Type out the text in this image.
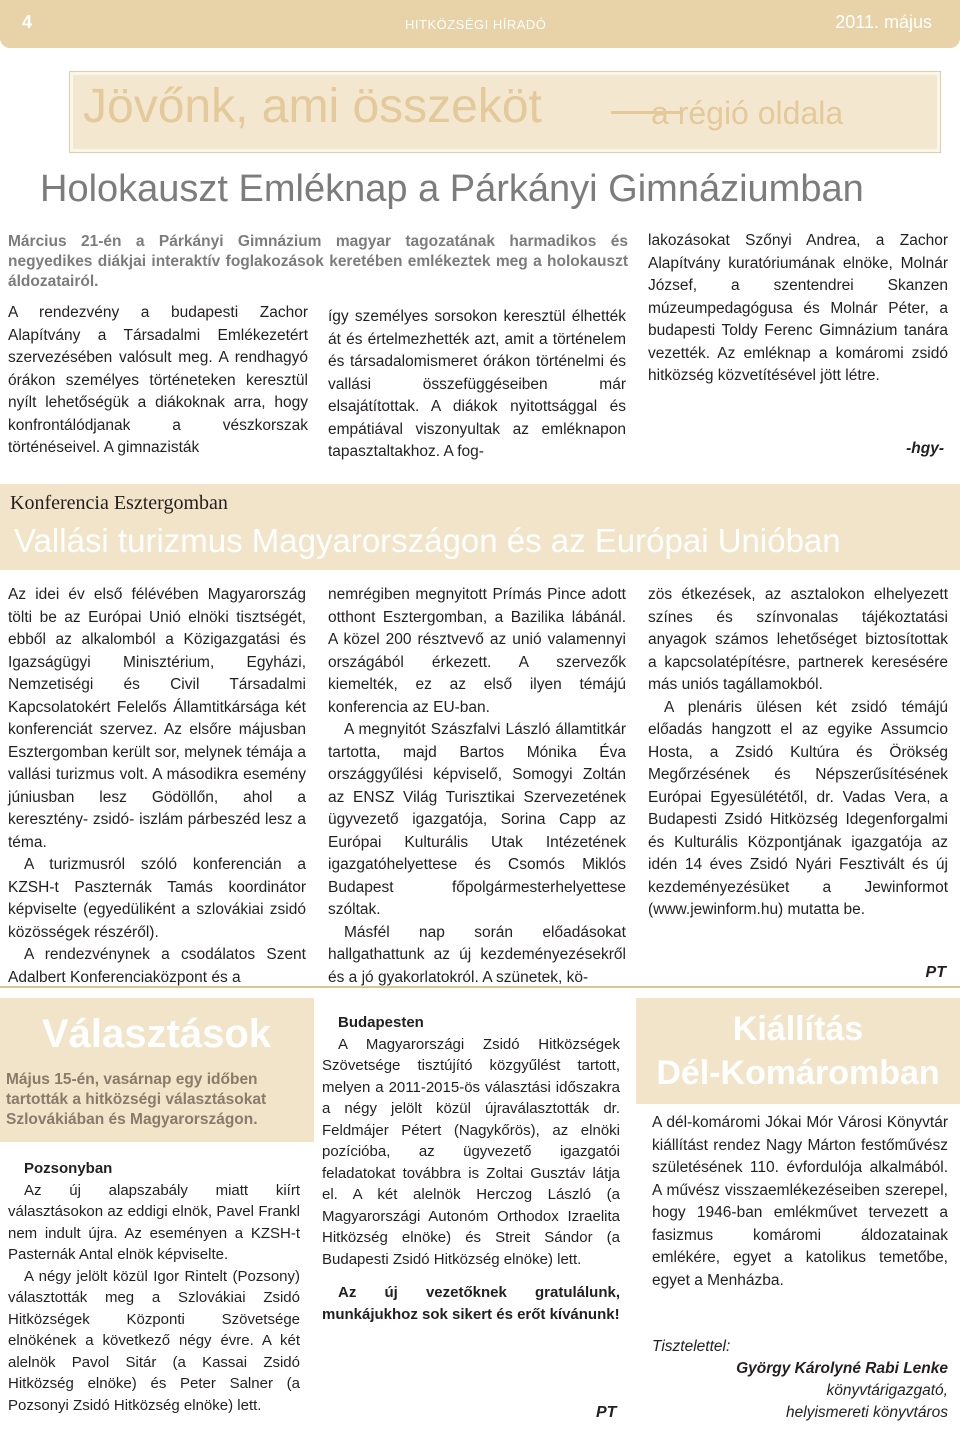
4	HITKÖZSÉGI HÍRADÓ	2011. május
Jövőnk, ami összeköt	a régió oldala
Holokauszt Emléknap a Párkányi Gimnáziumban
Március 21-én a Párkányi Gimnázium magyar tagozatának harmadikos és negyedikes diákjai interaktív foglakozások keretében emlékeztek meg a holokauszt áldozatairól.

A rendezvény a budapesti Zachor Alapítvány a Társadalmi Emlékezetért szervezésében valósult meg. A rendhagyó órákon személyes történeteken keresztül nyílt lehetőségük a diákoknak arra, hogy konfrontálódjanak a vészkorszak történéseivel. A gimnazisták

így személyes sorsokon keresztül élhették át és értelmezhették azt, amit a történelem és társadalomismeret órákon történelmi és vallási összefüggéseiben már elsajátítottak. A diákok nyitottsággal és empátiával viszonyultak az emléknapon tapasztaltakhoz. A fog-

lakozásokat Szőnyi Andrea, a Zachor Alapítvány kuratóriumának elnöke, Molnár József, a szentendrei Skanzen múzeumpedagógusa és Molnár Péter, a budapesti Toldy Ferenc Gimnázium tanára vezették. Az emléknap a komáromi zsidó hitközség közvetítésével jött létre.

-hgy-
Konferencia Esztergomban
Vallási turizmus Magyarországon és az Európai Unióban

Az idei év első félévében Magyarország tölti be az Európai Unió elnöki tisztségét, ebből az alkalomból a Közigazgatási és Igazságügyi Minisztérium, Egyházi, Nemzetiségi és Civil Társadalmi Kapcsolatokért Felelős Államtitkársága két konferenciát szervez. Az elsőre májusban Esztergomban került sor, melynek témája a vallási turizmus volt. A másodikra esemény júniusban lesz Gödöllőn, ahol a keresztény- zsidó- iszlám párbeszéd lesz a téma.

A turizmusról szóló konferencián a KZSH-t Paszternák Tamás koordinátor képviselte (egyedüliként a szlovákiai zsidó közösségek részéről).

A rendezvénynek a csodálatos Szent Adalbert Konferenciaközpont és a

nemrégiben megnyitott Prímás Pince adott otthont Esztergomban, a Bazilika lábánál. A közel 200 résztvevő az unió valamennyi országából érkezett. A szervezők kiemelték, ez az első ilyen témájú konferencia az EU-ban.

A megnyitót Szászfalvi László államtitkár tartotta, majd Bartos Mónika Éva országgyűlési képviselő, Somogyi Zoltán az ENSZ Világ Turisztikai Szervezetének ügyvezető igazgatója, Sorina Capp az Európai Kulturális Utak Intézetének igazgatóhelyettese és Csomós Miklós Budapest főpolgármesterhelyettese szóltak.

Másfél nap során előadásokat hallgathattunk az új kezdeményezésekről és a jó gyakorlatokról. A szünetek, kö-

zös étkezések, az asztalokon elhelyezett színes és színvonalas tájékoztatási anyagok számos lehetőséget biztosítottak a kapcsolatépítésre, partnerek keresésére más uniós tagállamokból.

A plenáris ülésen két zsidó témájú előadás hangzott el az egyike Assumcio Hosta, a Zsidó Kultúra és Örökség Megőrzésének és Népszerűsítésének Európai Egyesülététől, dr. Vadas Vera, a Budapesti Zsidó Hitközség Idegenforgalmi és Kulturális Központjának igazgatója az idén 14 éves Zsidó Nyári Fesztivált és új kezdeményezésüket a Jewinformot (www.jewinform.hu) mutatta be.

PT
Választások
Május 15-én, vasárnap egy időben tartották a hitközségi választásokat Szlovákiában és Magyarországon.

Pozsonyban

Az új alapszabály miatt kiírt választásokon az eddigi elnök, Pavel Frankl nem indult újra. Az eseményen a KZSH-t Pasternák Antal elnök képviselte.

A négy jelölt közül Igor Rintelt (Pozsony) választották meg a Szlovákiai Zsidó Hitközségek Központi Szövetsége elnökének a következő négy évre. A két alelnök Pavol Sitár (a Kassai Zsidó Hitközség elnöke) és Peter Salner (a Pozsonyi Zsidó Hitközség elnöke) lett.

Budapesten

A Magyarországi Zsidó Hitközségek Szövetsége tisztújító közgyűlést tartott, melyen a 2011-2015-ös választási időszakra a négy jelölt közül újraválasztották dr. Feldmájer Pétert (Nagykőrös), az elnöki pozícióba, az ügyvezető igazgatói feladatokat továbbra is Zoltai Gusztáv látja el. A két alelnök Herczog László (a Magyarországi Autonóm Orthodox Izraelita Hitközség elnöke) és Streit Sándor (a Budapesti Zsidó Hitközség elnöke) lett.

Az új vezetőknek gratulálunk, munkájukhoz sok sikert és erőt kívánunk!

PT
Kiállítás
Dél-Komáromban

A dél-komáromi Jókai Mór Városi Könyvtár kiállítást rendez Nagy Márton festőművész születésének 110. évfordulója alkalmából. A művész visszaemlékezéseiben szerepel, hogy 1946-ban emlékművet tervezett a fasizmus komáromi áldozatainak emlékére, egyet a katolikus temetőbe, egyet a Menházba.

Tisztelettel:
György Károlyné Rabi Lenke
könyvtárigazgató,
helyismereti könyvtáros
